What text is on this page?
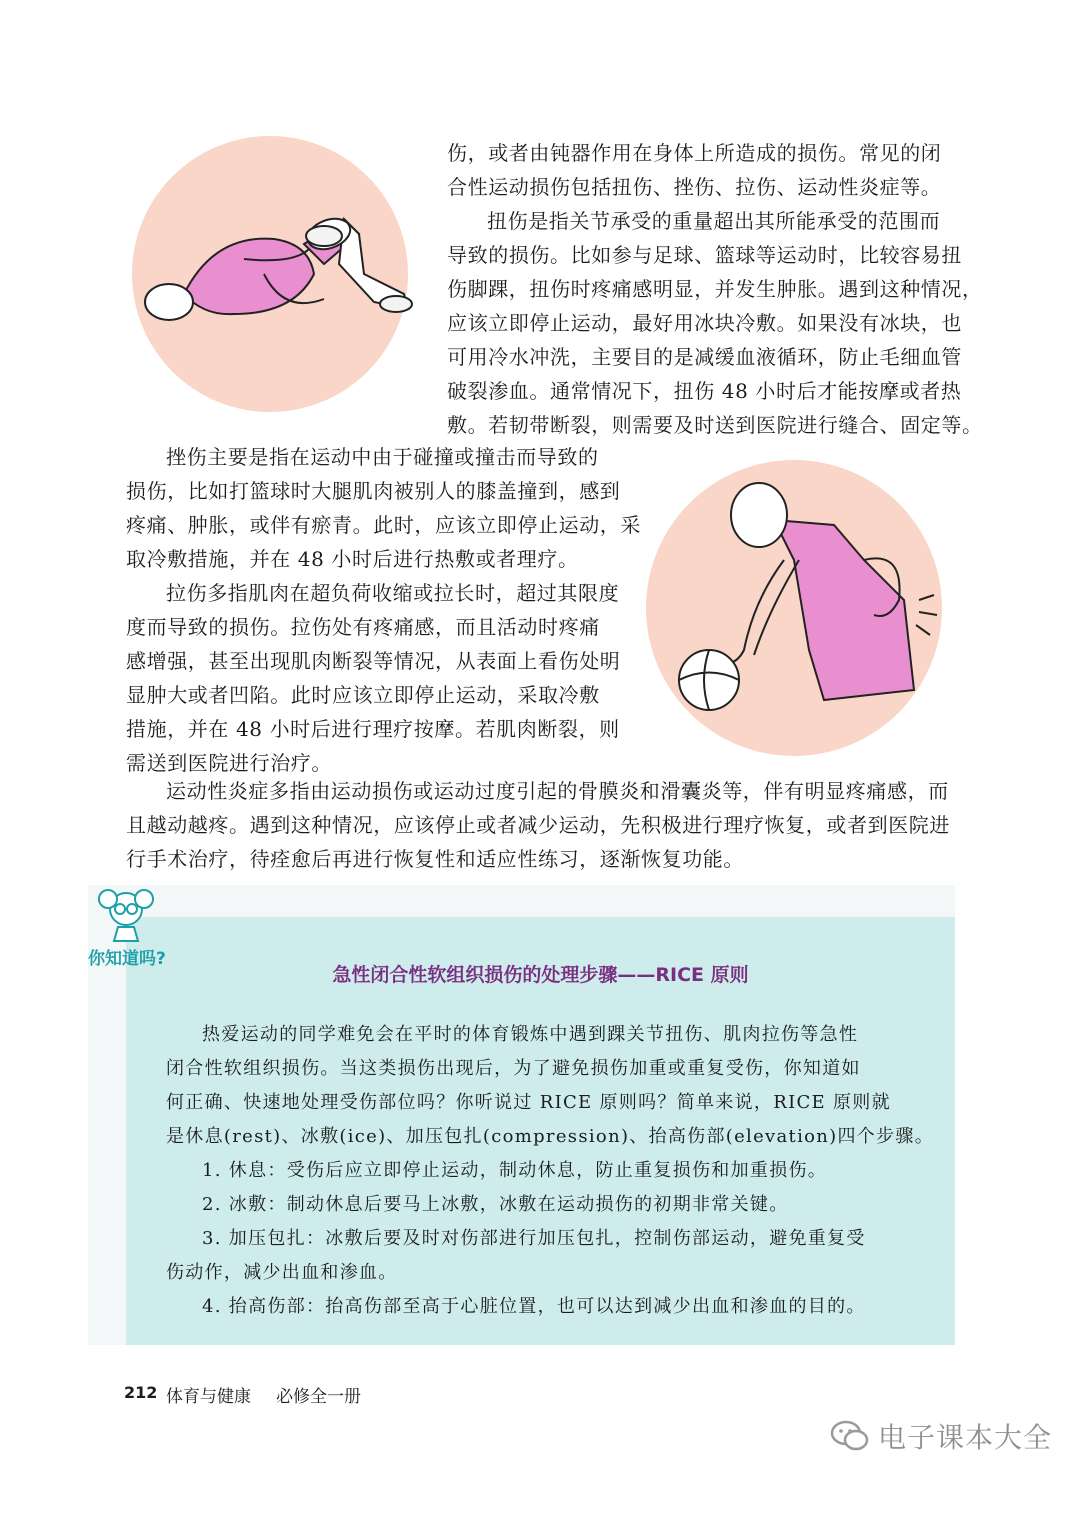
伤，或者由钝器作用在身体上所造成的损伤。常见的闭
合性运动损伤包括扭伤、挫伤、拉伤、运动性炎症等。

扭伤是指关节承受的重量超出其所能承受的范围而
导致的损伤。比如参与足球、篮球等运动时，比较容易扭
伤脚踝，扭伤时疼痛感明显，并发生肿胀。遇到这种情况，
应该立即停止运动，最好用冰块冷敷。如果没有冰块，也
可用冷水冲洗，主要目的是减缓血液循环，防止毛细血管
破裂渗血。通常情况下，扭伤 48 小时后才能按摩或者热
敷。若韧带断裂，则需要及时送到医院进行缝合、固定等。

挫伤主要是指在运动中由于碰撞或撞击而导致的
损伤，比如打篮球时大腿肌肉被别人的膝盖撞到，感到
疼痛、肿胀，或伴有瘀青。此时，应该立即停止运动，采
取冷敷措施，并在 48 小时后进行热敷或者理疗。

拉伤多指肌肉在超负荷收缩或拉长时，超过其限度
度而导致的损伤。拉伤处有疼痛感，而且活动时疼痛
感增强，甚至出现肌肉断裂等情况，从表面上看伤处明
显肿大或者凹陷。此时应该立即停止运动，采取冷敷
措施，并在 48 小时后进行理疗按摩。若肌肉断裂，则
需送到医院进行治疗。

运动性炎症多指由运动损伤或运动过度引起的骨膜炎和滑囊炎等，伴有明显疼痛感，而
且越动越疼。遇到这种情况，应该停止或者减少运动，先积极进行理疗恢复，或者到医院进
行手术治疗，待痊愈后再进行恢复性和适应性练习，逐渐恢复功能。

你知道吗?
急性闭合性软组织损伤的处理步骤——RICE 原则
热爱运动的同学难免会在平时的体育锻炼中遇到踝关节扭伤、肌肉拉伤等急性
闭合性软组织损伤。当这类损伤出现后，为了避免损伤加重或重复受伤，你知道如
何正确、快速地处理受伤部位吗？你听说过 RICE 原则吗？简单来说，RICE 原则就
是休息(rest)、冰敷(ice)、加压包扎(compression)、抬高伤部(elevation)四个步骤。
1. 休息：受伤后应立即停止运动，制动休息，防止重复损伤和加重损伤。
2. 冰敷：制动休息后要马上冰敷，冰敷在运动损伤的初期非常关键。
3. 加压包扎：冰敷后要及时对伤部进行加压包扎，控制伤部运动，避免重复受
伤动作，减少出血和渗血。
4. 抬高伤部：抬高伤部至高于心脏位置，也可以达到减少出血和渗血的目的。
212 体育与健康 必修全一册
电子课本大全
